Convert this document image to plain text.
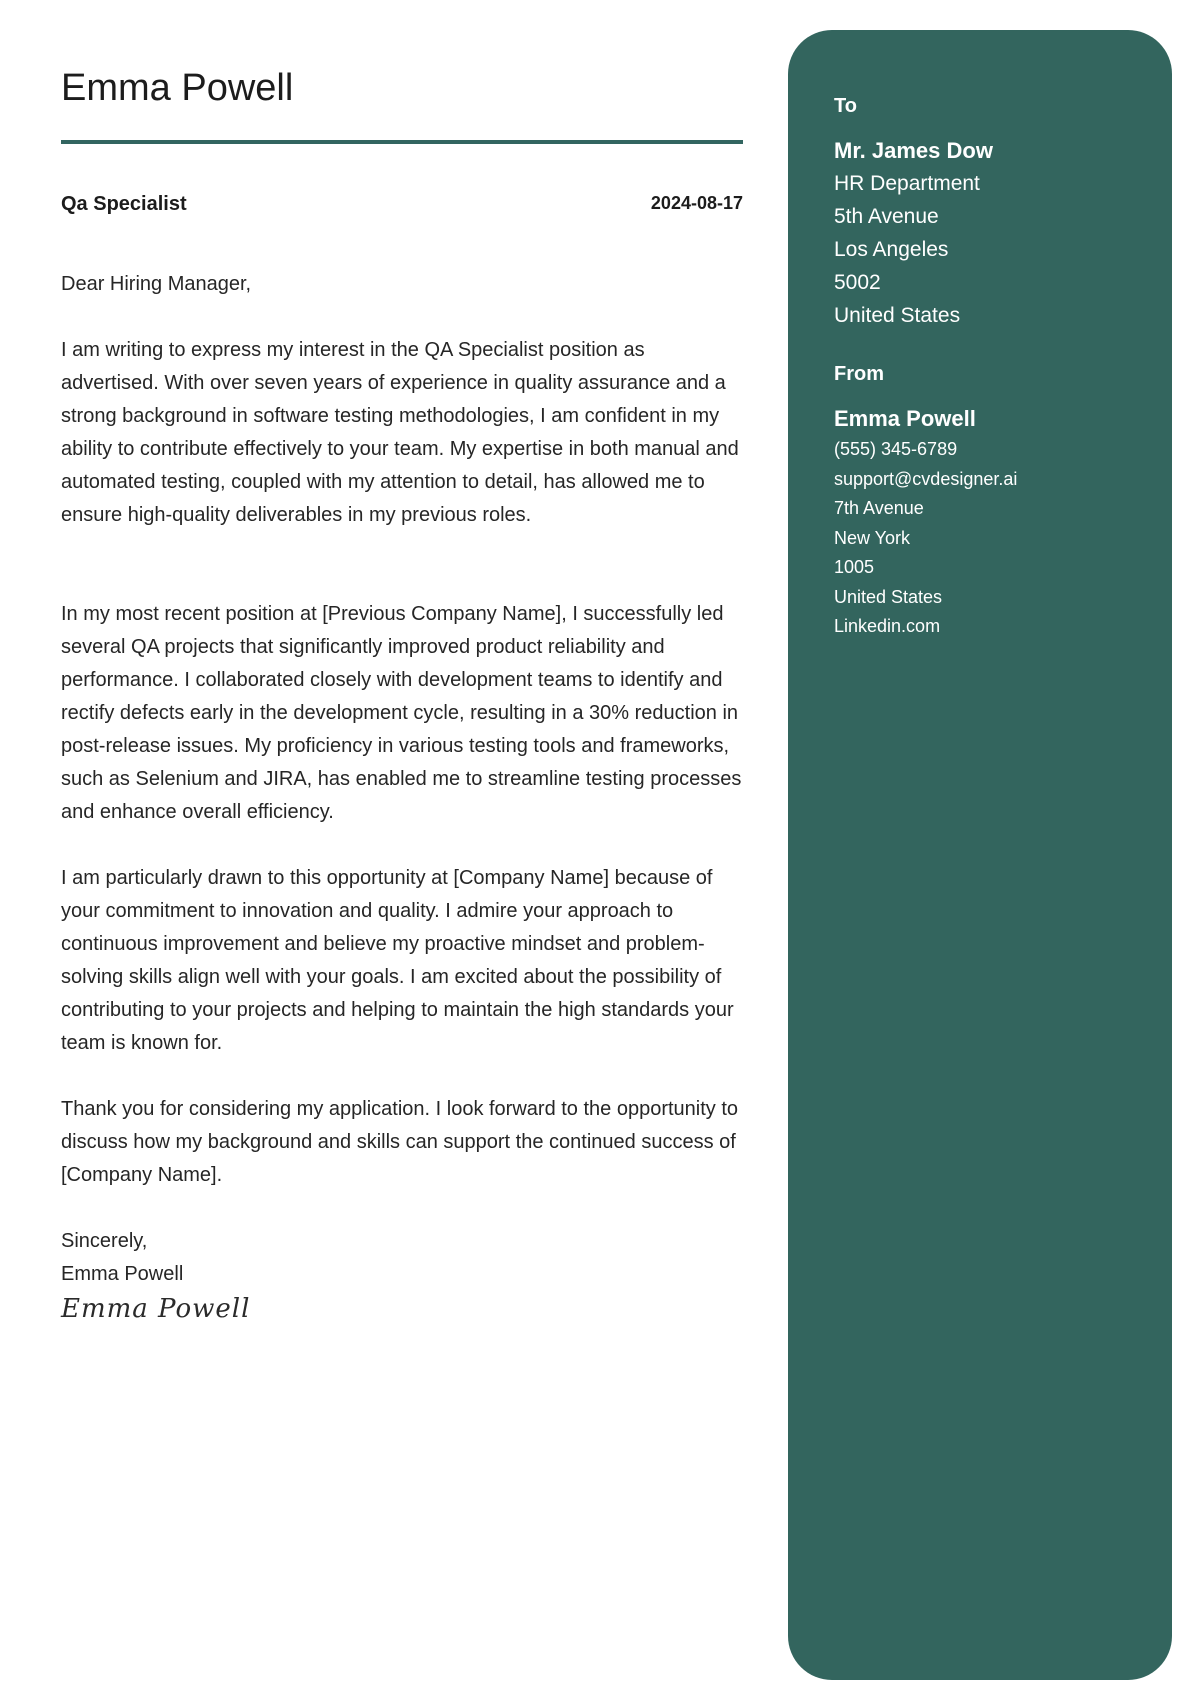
Emma Powell
Qa Specialist	2024-08-17

Dear Hiring Manager,

I am writing to express my interest in the QA Specialist position as advertised. With over seven years of experience in quality assurance and a strong background in software testing methodologies, I am confident in my ability to contribute effectively to your team. My expertise in both manual and automated testing, coupled with my attention to detail, has allowed me to ensure high-quality deliverables in my previous roles.

In my most recent position at [Previous Company Name], I successfully led several QA projects that significantly improved product reliability and performance. I collaborated closely with development teams to identify and rectify defects early in the development cycle, resulting in a 30% reduction in post-release issues. My proficiency in various testing tools and frameworks, such as Selenium and JIRA, has enabled me to streamline testing processes and enhance overall efficiency.

I am particularly drawn to this opportunity at [Company Name] because of your commitment to innovation and quality. I admire your approach to continuous improvement and believe my proactive mindset and problem-solving skills align well with your goals. I am excited about the possibility of contributing to your projects and helping to maintain the high standards your team is known for.

Thank you for considering my application. I look forward to the opportunity to discuss how my background and skills can support the continued success of [Company Name].

Sincerely,

Emma Powell

Emma Powell

To
Mr. James Dow
HR Department
5th Avenue
Los Angeles
5002
United States
From
Emma Powell
(555) 345-6789
support@cvdesigner.ai
7th Avenue
New York
1005
United States
Linkedin.com
